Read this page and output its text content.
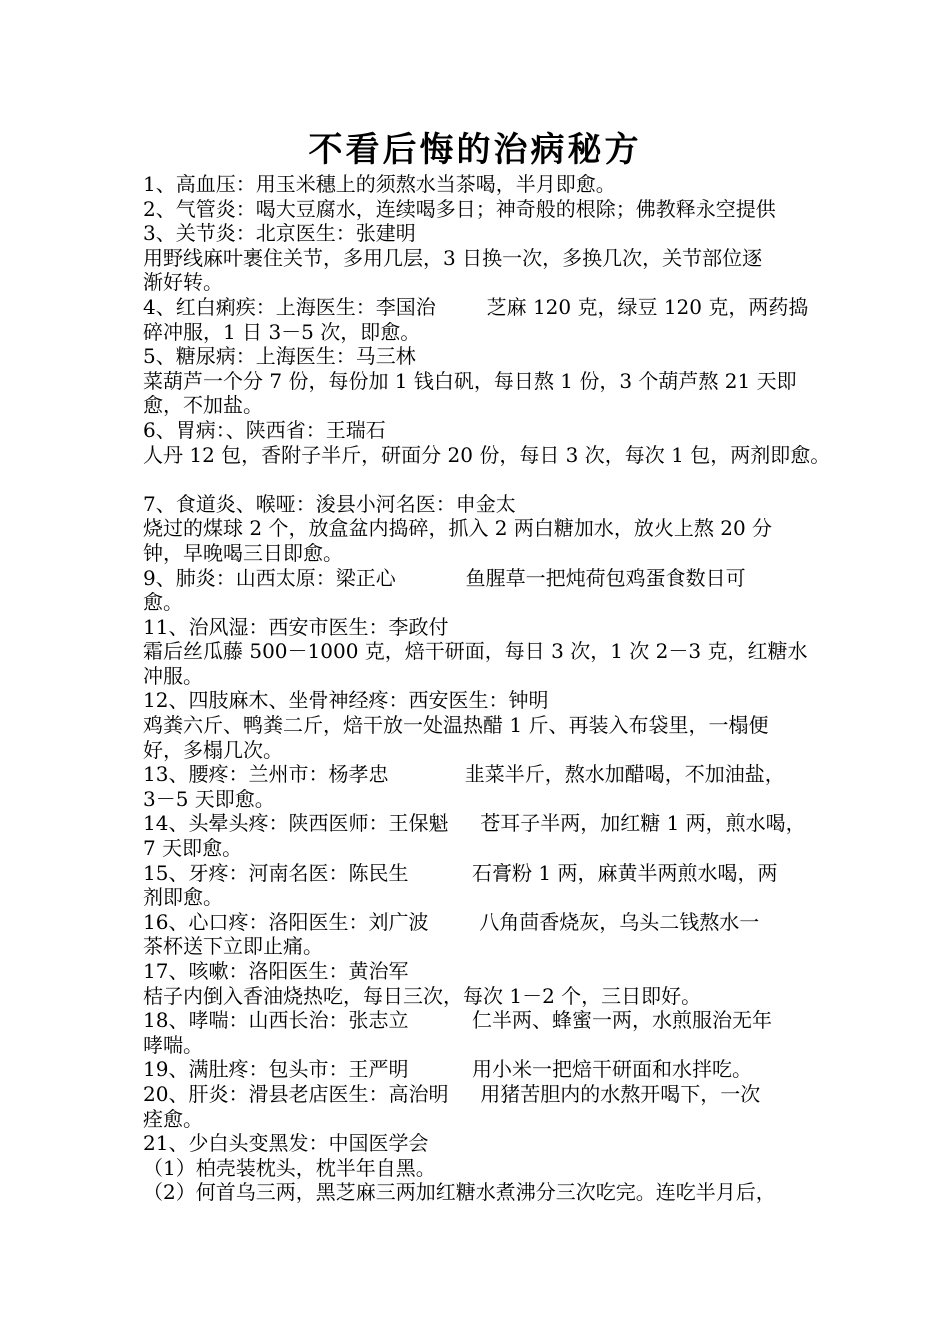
不看后悔的治病秘方
1、高血压：用玉米穗上的须熬水当茶喝，半月即愈。
2、气管炎：喝大豆腐水，连续喝多日；神奇般的根除；佛教释永空提供
3、关节炎：北京医生：张建明
用野线麻叶裹住关节，多用几层，3 日换一次，多换几次，关节部位逐
渐好转。
4、红白痢疾：上海医生：李国治        芝麻 120 克，绿豆 120 克，两药捣
碎冲服，1 日 3－5 次，即愈。
5、糖尿病：上海医生：马三林
菜葫芦一个分 7 份，每份加 1 钱白矾，每日熬 1 份，3 个葫芦熬 21 天即
愈，不加盐。
6、胃病：、陕西省：王瑞石
人丹 12 包，香附子半斤，研面分 20 份，每日 3 次，每次 1 包，两剂即愈。
7、食道炎、喉哑：浚县小河名医：申金太
烧过的煤球 2 个，放盒盆内捣碎，抓入 2 两白糖加水，放火上熬 20 分
钟，早晚喝三日即愈。
9、肺炎：山西太原：梁正心           鱼腥草一把炖荷包鸡蛋食数日可
愈。
11、治风湿：西安市医生：李政付
霜后丝瓜藤 500－1000 克，焙干研面，每日 3 次，1 次 2－3 克，红糖水
冲服。
12、四肢麻木、坐骨神经疼：西安医生：钟明
鸡粪六斤、鸭粪二斤，焙干放一处温热醋 1 斤、再装入布袋里，一榻便
好，多榻几次。
13、腰疼：兰州市：杨孝忠            韭菜半斤，熬水加醋喝，不加油盐，
3－5 天即愈。
14、头晕头疼：陕西医师：王保魁     苍耳子半两，加红糖 1 两，煎水喝，
7 天即愈。
15、牙疼：河南名医：陈民生          石膏粉 1 两，麻黄半两煎水喝，两
剂即愈。
16、心口疼：洛阳医生：刘广波        八角茴香烧灰，乌头二钱熬水一
茶杯送下立即止痛。
17、咳嗽：洛阳医生：黄治军
桔子内倒入香油烧热吃，每日三次，每次 1－2 个，三日即好。
18、哮喘：山西长治：张志立          仁半两、蜂蜜一两，水煎服治无年
哮喘。
19、满肚疼：包头市：王严明          用小米一把焙干研面和水拌吃。
20、肝炎：滑县老店医生：高治明     用猪苦胆内的水熬开喝下，一次
痊愈。
21、少白头变黑发：中国医学会
（1）柏壳装枕头，枕半年自黑。
（2）何首乌三两，黑芝麻三两加红糖水煮沸分三次吃完。连吃半月后，
